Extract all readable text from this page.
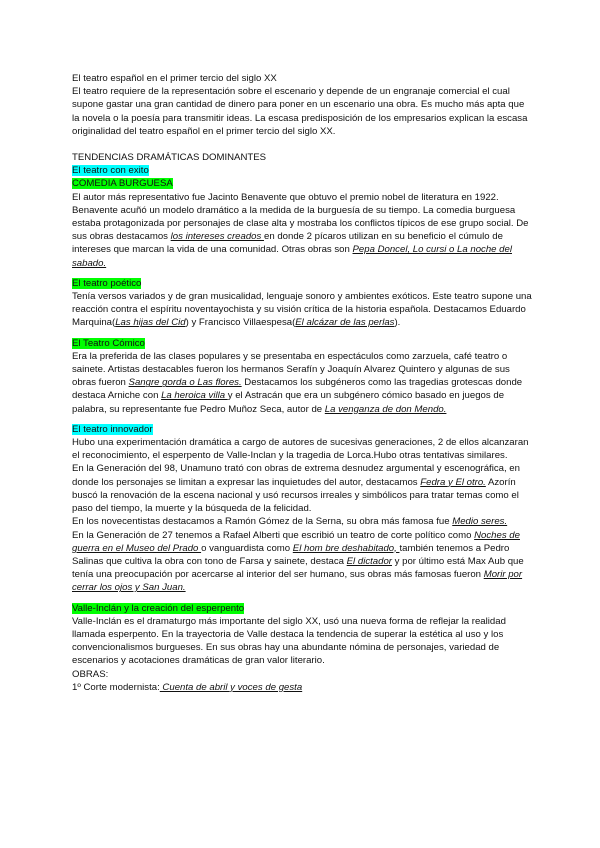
El teatro español en el primer tercio del siglo XX

El teatro requiere de la representación sobre el escenario y depende de un engranaje comercial el cual supone gastar una gran cantidad de dinero para poner en un escenario una obra. Es mucho más apta que la novela o la poesía para transmitir ideas. La escasa predisposición de los empresarios explican la escasa originalidad del teatro español en el primer tercio del siglo XX.

TENDENCIAS DRAMÁTICAS DOMINANTES

El teatro con exito

COMEDIA BURGUESA

El autor más representativo fue Jacinto Benavente que obtuvo el premio nobel de literatura en 1922. Benavente acuñó un modelo dramático a la medida de la burguesía de su tiempo. La comedia burguesa estaba protagonizada por personajes de clase alta y mostraba los conflictos típicos de ese grupo social. De sus obras destacamos los intereses creados en donde 2 pícaros utilizan en su beneficio el cúmulo de intereses que marcan la vida de una comunidad. Otras obras son Pepa Doncel, Lo cursi o La noche del sabado.

El teatro poético

Tenía versos variados y de gran musicalidad, lenguaje sonoro y ambientes exóticos. Este teatro supone una reacción contra el espíritu noventayochista y su visión crítica de la historia española. Destacamos Eduardo Marquina(Las hijas del Cid) y Francisco Villaespesa(El alcázar de las perlas).

El Teatro Cómico

Era la preferida de las clases populares y se presentaba en espectáculos como zarzuela, café teatro o sainete. Artistas destacables fueron los hermanos Serafín y Joaquín Alvarez Quintero y algunas de sus obras fueron Sangre gorda o Las flores. Destacamos los subgéneros como las tragedias grotescas donde destaca Arniche con La heroica villa y el Astracán que era un subgénero cómico basado en juegos de palabra, su representante fue Pedro Muñoz Seca, autor de La venganza de don Mendo.

El teatro innovador

Hubo una experimentación dramática a cargo de autores de sucesivas generaciones, 2 de ellos alcanzaran el reconocimiento, el esperpento de Valle-Inclan y la tragedia de Lorca.Hubo otras tentativas similares.

En la Generación del 98, Unamuno trató con obras de extrema desnudez argumental y escenográfica, en donde los personajes se limitan a expresar las inquietudes del autor, destacamos Fedra y El otro. Azorín buscó la renovación de la escena nacional y usó recursos irreales y simbólicos para tratar temas como el paso del tiempo, la muerte y la búsqueda de la felicidad.

En los novecentistas destacamos a Ramón Gómez de la Serna, su obra más famosa fue Medio seres.

En la Generación de 27 tenemos a Rafael Alberti que escribió un teatro de corte político como Noches de guerra en el Museo del Prado o vanguardista como El hom bre deshabitado, también tenemos a Pedro Salinas que cultiva la obra con tono de Farsa y sainete, destaca El dictador y por último está Max Aub que tenía una preocupación por acercarse al interior del ser humano, sus obras más famosas fueron Morir por cerrar los ojos y San Juan.

Valle-Inclán y la creación del esperpento

Valle-Inclán es el dramaturgo más importante del siglo XX, usó una nueva forma de reflejar la realidad llamada esperpento. En la trayectoria de Valle destaca la tendencia de superar la estética al uso y los convencionalismos burgueses. En sus obras hay una abundante nómina de personajes, variedad de escenarios y acotaciones dramáticas de gran valor literario.

OBRAS:

1º Corte modernista: Cuenta de abril y voces de gesta
